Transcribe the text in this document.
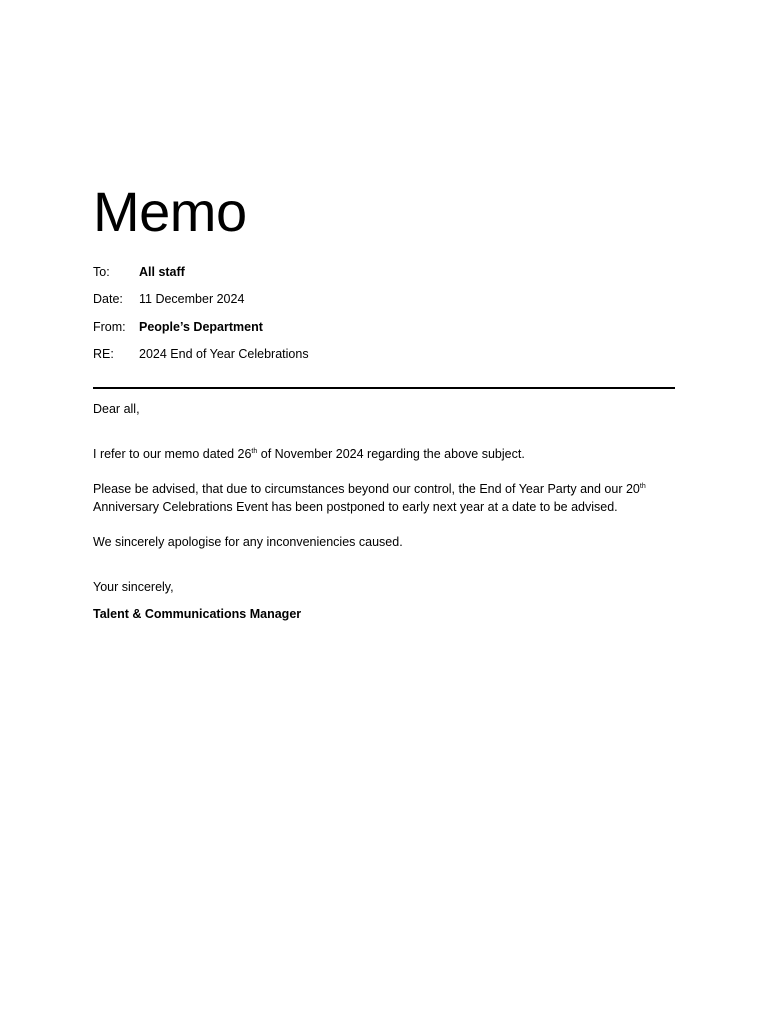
Memo
To:	All staff
Date:	11 December 2024
From:	People’s Department
RE:	2024 End of Year Celebrations

Dear all,

I refer to our memo dated 26th of November 2024 regarding the above subject.

Please be advised, that due to circumstances beyond our control, the End of Year Party and our 20th Anniversary Celebrations Event has been postponed to early next year at a date to be advised.

We sincerely apologise for any inconveniencies caused.

Your sincerely,

Talent & Communications Manager
